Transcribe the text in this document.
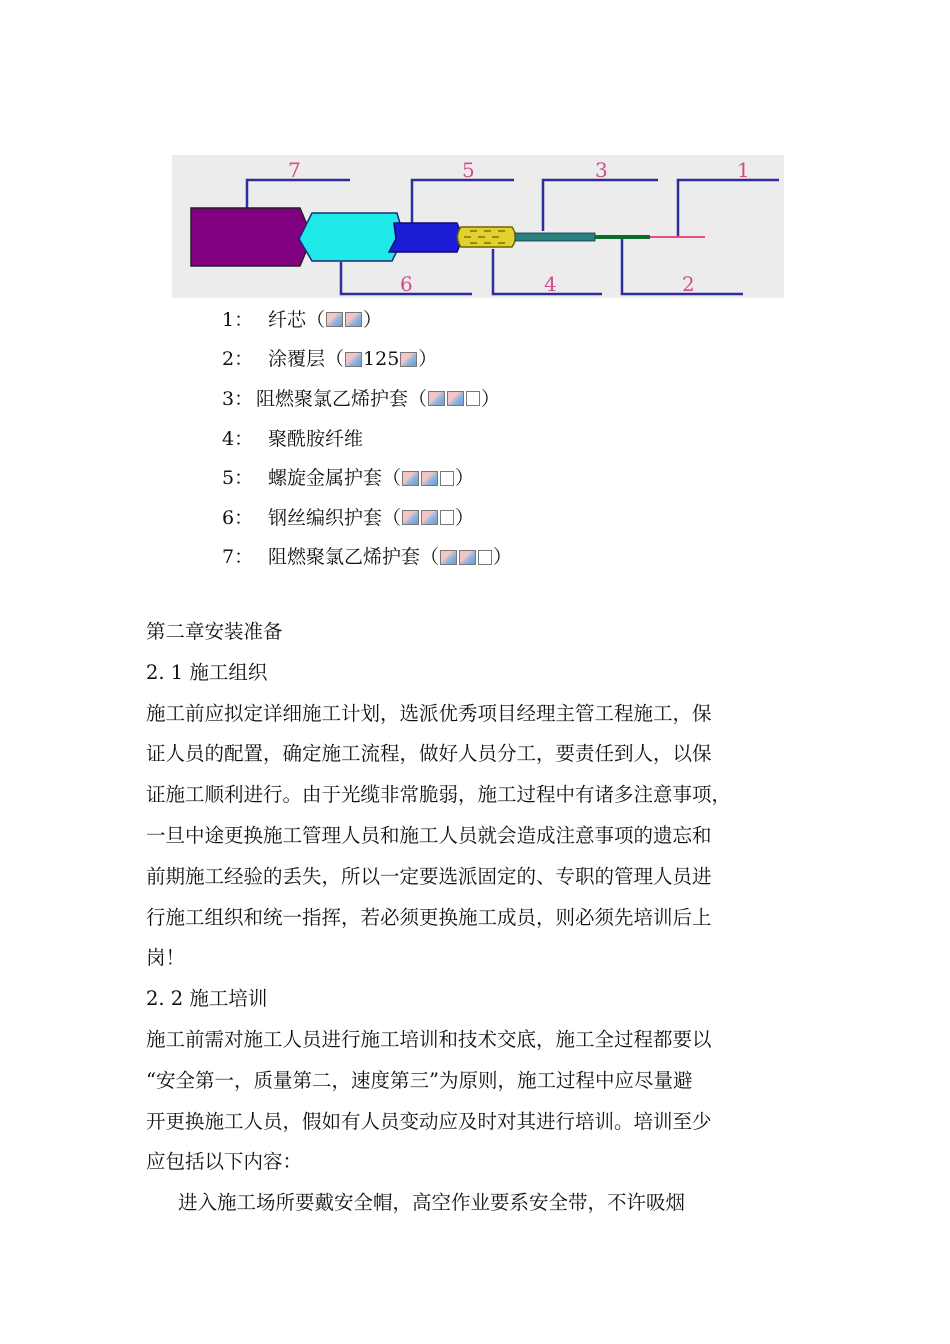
7	5	3	1
6	4	2
1： 纤芯（ ）
2： 涂覆层（ 125 ）
3： 阻燃聚氯乙烯护套（	）
4： 聚酰胺纤维
5： 螺旋金属护套（	）
6： 钢丝编织护套（	）
7： 阻燃聚氯乙烯护套（	）
第二章安装准备
2. 1 施工组织
施工前应拟定详细施工计划，选派优秀项目经理主管工程施工，保
证人员的配置，确定施工流程，做好人员分工，要责任到人，以保
证施工顺利进行。由于光缆非常脆弱，施工过程中有诸多注意事项，
一旦中途更换施工管理人员和施工人员就会造成注意事项的遗忘和
前期施工经验的丢失，所以一定要选派固定的、专职的管理人员进
行施工组织和统一指挥，若必须更换施工成员，则必须先培训后上
岗！
2. 2 施工培训
施工前需对施工人员进行施工培训和技术交底，施工全过程都要以
“安全第一，质量第二，速度第三”为原则，施工过程中应尽量避
开更换施工人员，假如有人员变动应及时对其进行培训。培训至少
应包括以下内容：
进入施工场所要戴安全帽，高空作业要系安全带，不许吸烟
